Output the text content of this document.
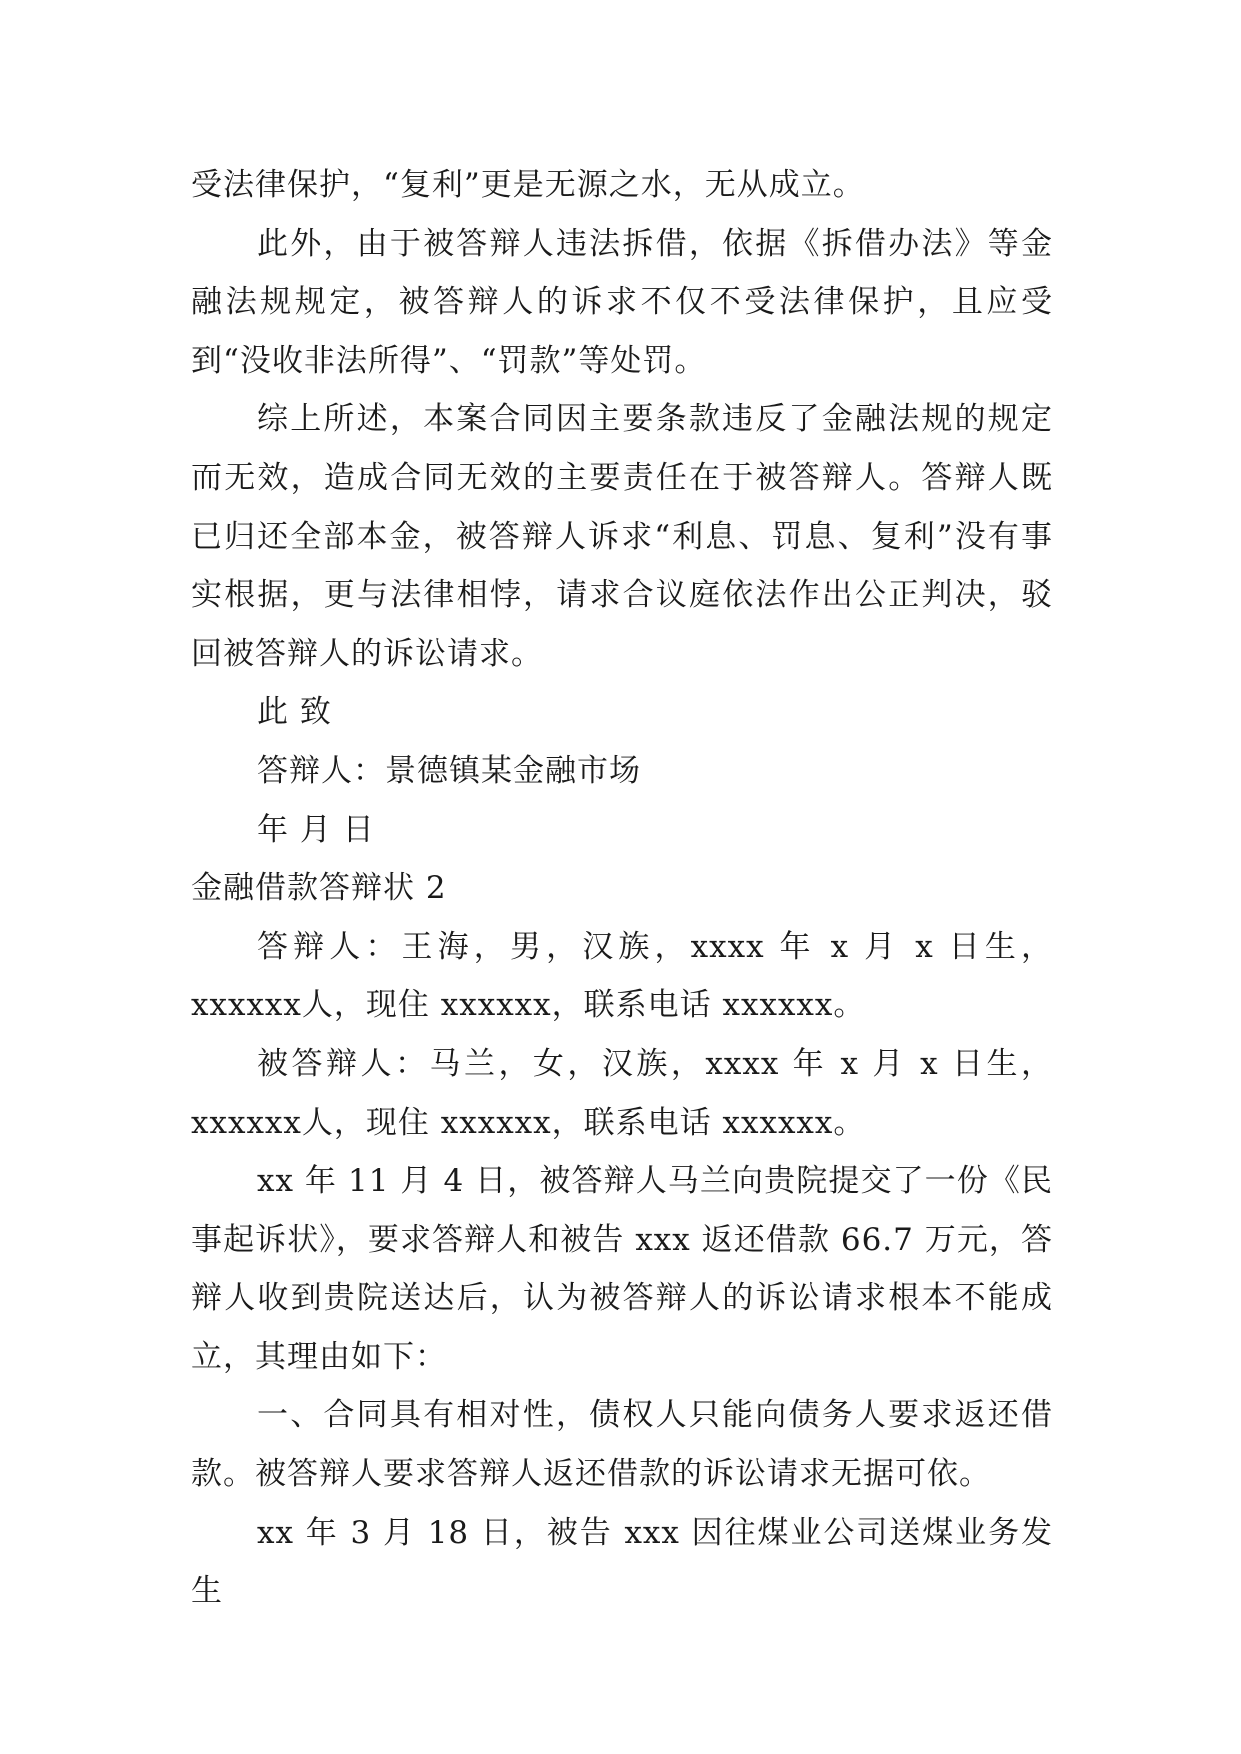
受法律保护，“复利”更是无源之水，无从成立。

此外，由于被答辩人违法拆借，依据《拆借办法》等金融法规规定，被答辩人的诉求不仅不受法律保护，且应受到“没收非法所得”、“罚款”等处罚。

综上所述，本案合同因主要条款违反了金融法规的规定而无效，造成合同无效的主要责任在于被答辩人。答辩人既已归还全部本金，被答辩人诉求“利息、罚息、复利”没有事实根据，更与法律相悖，请求合议庭依法作出公正判决，驳回被答辩人的诉讼请求。

此 致

答辩人：景德镇某金融市场

年 月 日

金融借款答辩状 2

答辩人：王海，男，汉族，xxxx 年 x 月 x 日生，xxxxxx人，现住 xxxxxx，联系电话 xxxxxx。

被答辩人：马兰，女，汉族，xxxx 年 x 月 x 日生，xxxxxx人，现住 xxxxxx，联系电话 xxxxxx。

xx 年 11 月 4 日，被答辩人马兰向贵院提交了一份《民事起诉状》，要求答辩人和被告 xxx 返还借款 66.7 万元，答辩人收到贵院送达后，认为被答辩人的诉讼请求根本不能成立，其理由如下：

一、合同具有相对性，债权人只能向债务人要求返还借款。被答辩人要求答辩人返还借款的诉讼请求无据可依。

xx 年 3 月 18 日，被告 xxx 因往煤业公司送煤业务发生
